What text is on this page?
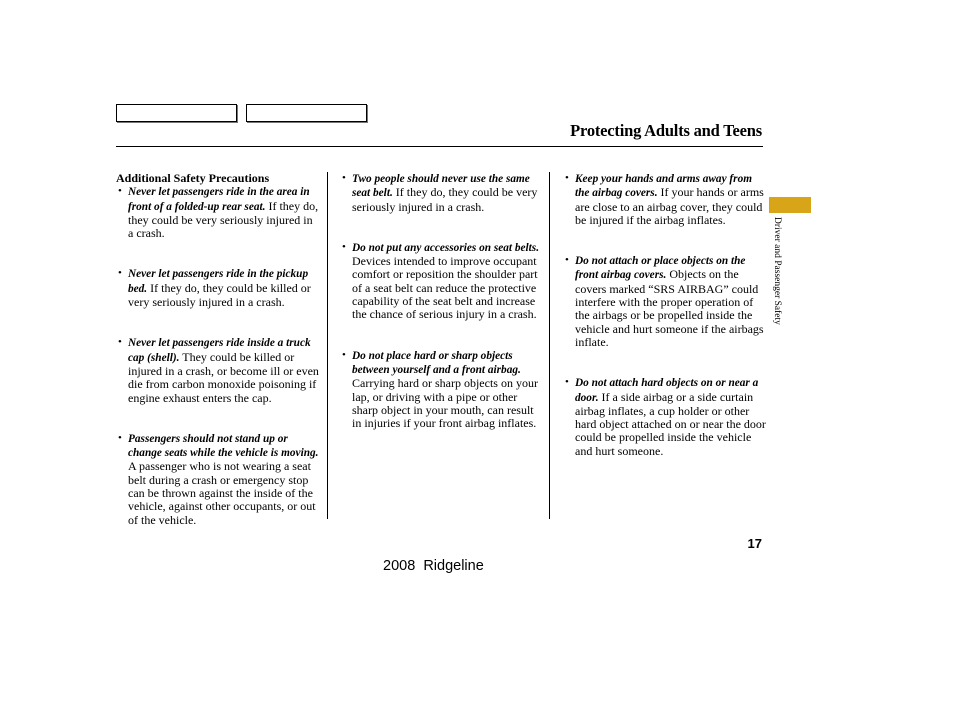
Protecting Adults and Teens

Additional Safety Precautions

• Never let passengers ride in the area in front of a folded-up rear seat. If they do, they could be very seriously injured in a crash.
• Never let passengers ride in the pickup bed. If they do, they could be killed or very seriously injured in a crash.
• Never let passengers ride inside a truck cap (shell). They could be killed or injured in a crash, or become ill or even die from carbon monoxide poisoning if engine exhaust enters the cap.
• Passengers should not stand up or change seats while the vehicle is moving. A passenger who is not wearing a seat belt during a crash or emergency stop can be thrown against the inside of the vehicle, against other occupants, or out of the vehicle.
• Two people should never use the same seat belt. If they do, they could be very seriously injured in a crash.
• Do not put any accessories on seat belts. Devices intended to improve occupant comfort or reposition the shoulder part of a seat belt can reduce the protective capability of the seat belt and increase the chance of serious injury in a crash.
• Do not place hard or sharp objects between yourself and a front airbag. Carrying hard or sharp objects on your lap, or driving with a pipe or other sharp object in your mouth, can result in injuries if your front airbag inflates.
• Keep your hands and arms away from the airbag covers. If your hands or arms are close to an airbag cover, they could be injured if the airbag inflates.
• Do not attach or place objects on the front airbag covers. Objects on the covers marked “SRS AIRBAG” could interfere with the proper operation of the airbags or be propelled inside the vehicle and hurt someone if the airbags inflate.
• Do not attach hard objects on or near a door. If a side airbag or a side curtain airbag inflates, a cup holder or other hard object attached on or near the door could be propelled inside the vehicle and hurt someone.
Driver and Passenger Safety
17
2008  Ridgeline
